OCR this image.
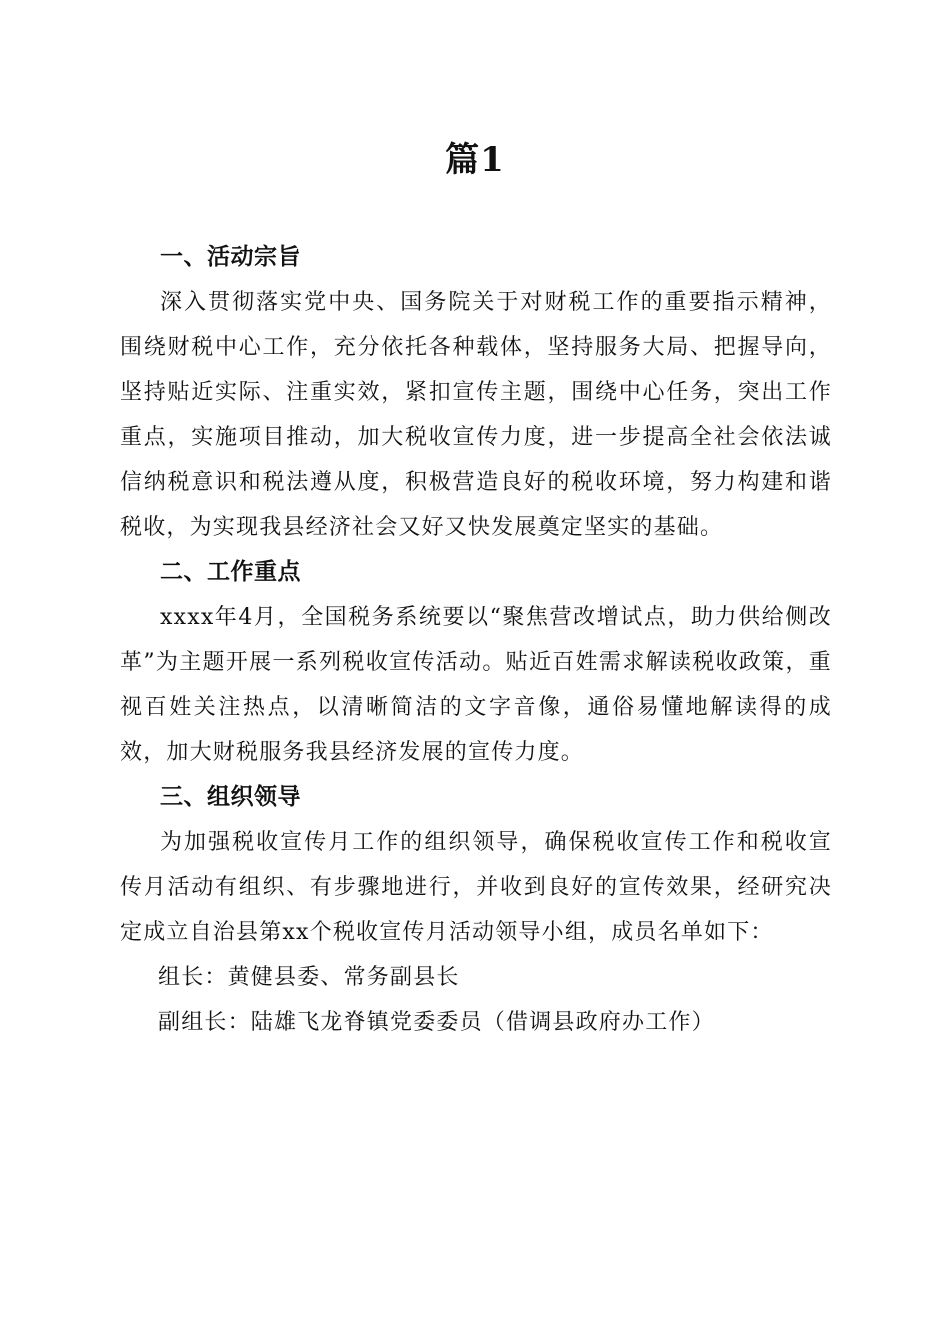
篇1
一、活动宗旨

深入贯彻落实党中央、国务院关于对财税工作的重要指示精神，围绕财税中心工作，充分依托各种载体，坚持服务大局、把握导向，坚持贴近实际、注重实效，紧扣宣传主题，围绕中心任务，突出工作重点，实施项目推动，加大税收宣传力度，进一步提高全社会依法诚信纳税意识和税法遵从度，积极营造良好的税收环境，努力构建和谐税收，为实现我县经济社会又好又快发展奠定坚实的基础。

二、工作重点

xxxx年4月，全国税务系统要以“聚焦营改增试点，助力供给侧改革”为主题开展一系列税收宣传活动。贴近百姓需求解读税收政策，重视百姓关注热点，以清晰简洁的文字音像，通俗易懂地解读得的成效，加大财税服务我县经济发展的宣传力度。

三、组织领导

为加强税收宣传月工作的组织领导，确保税收宣传工作和税收宣传月活动有组织、有步骤地进行，并收到良好的宣传效果，经研究决定成立自治县第xx个税收宣传月活动领导小组，成员名单如下：

组长：黄健县委、常务副县长

副组长：陆雄飞龙脊镇党委委员（借调县政府办工作）
